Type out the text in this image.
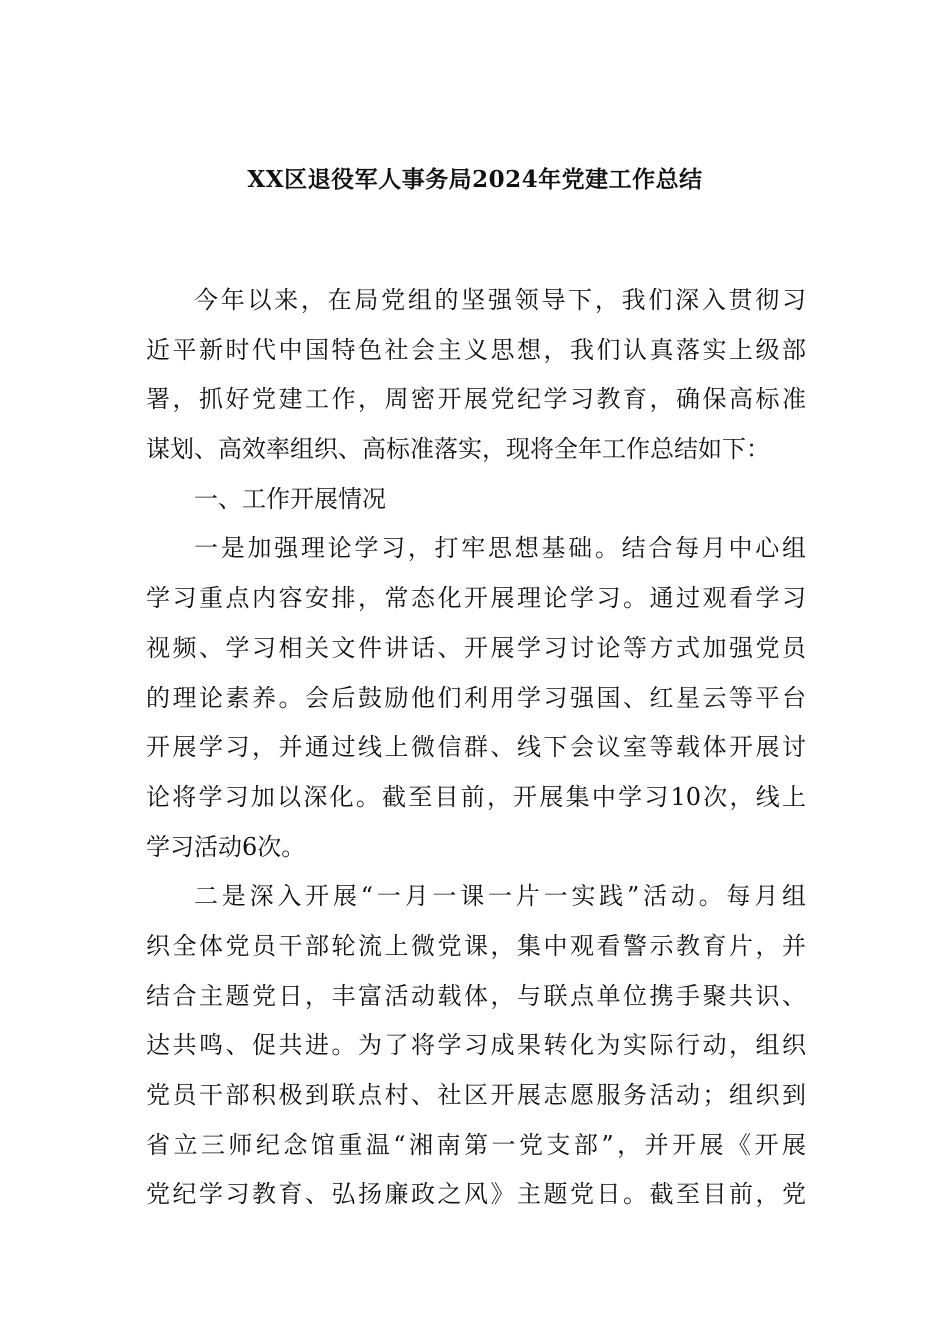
XX区退役军人事务局2024年党建工作总结
今年以来，在局党组的坚强领导下，我们深入贯彻习
近平新时代中国特色社会主义思想，我们认真落实上级部
署，抓好党建工作，周密开展党纪学习教育，确保高标准
谋划、高效率组织、高标准落实，现将全年工作总结如下：
一、工作开展情况
一是加强理论学习，打牢思想基础。结合每月中心组
学习重点内容安排，常态化开展理论学习。通过观看学习
视频、学习相关文件讲话、开展学习讨论等方式加强党员
的理论素养。会后鼓励他们利用学习强国、红星云等平台
开展学习，并通过线上微信群、线下会议室等载体开展讨
论将学习加以深化。截至目前，开展集中学习10次，线上
学习活动6次。
二是深入开展“一月一课一片一实践”活动。每月组
织全体党员干部轮流上微党课，集中观看警示教育片，并
结合主题党日，丰富活动载体，与联点单位携手聚共识、
达共鸣、促共进。为了将学习成果转化为实际行动，组织
党员干部积极到联点村、社区开展志愿服务活动；组织到
省立三师纪念馆重温“湘南第一党支部”，并开展《开展
党纪学习教育、弘扬廉政之风》主题党日。截至目前，党
